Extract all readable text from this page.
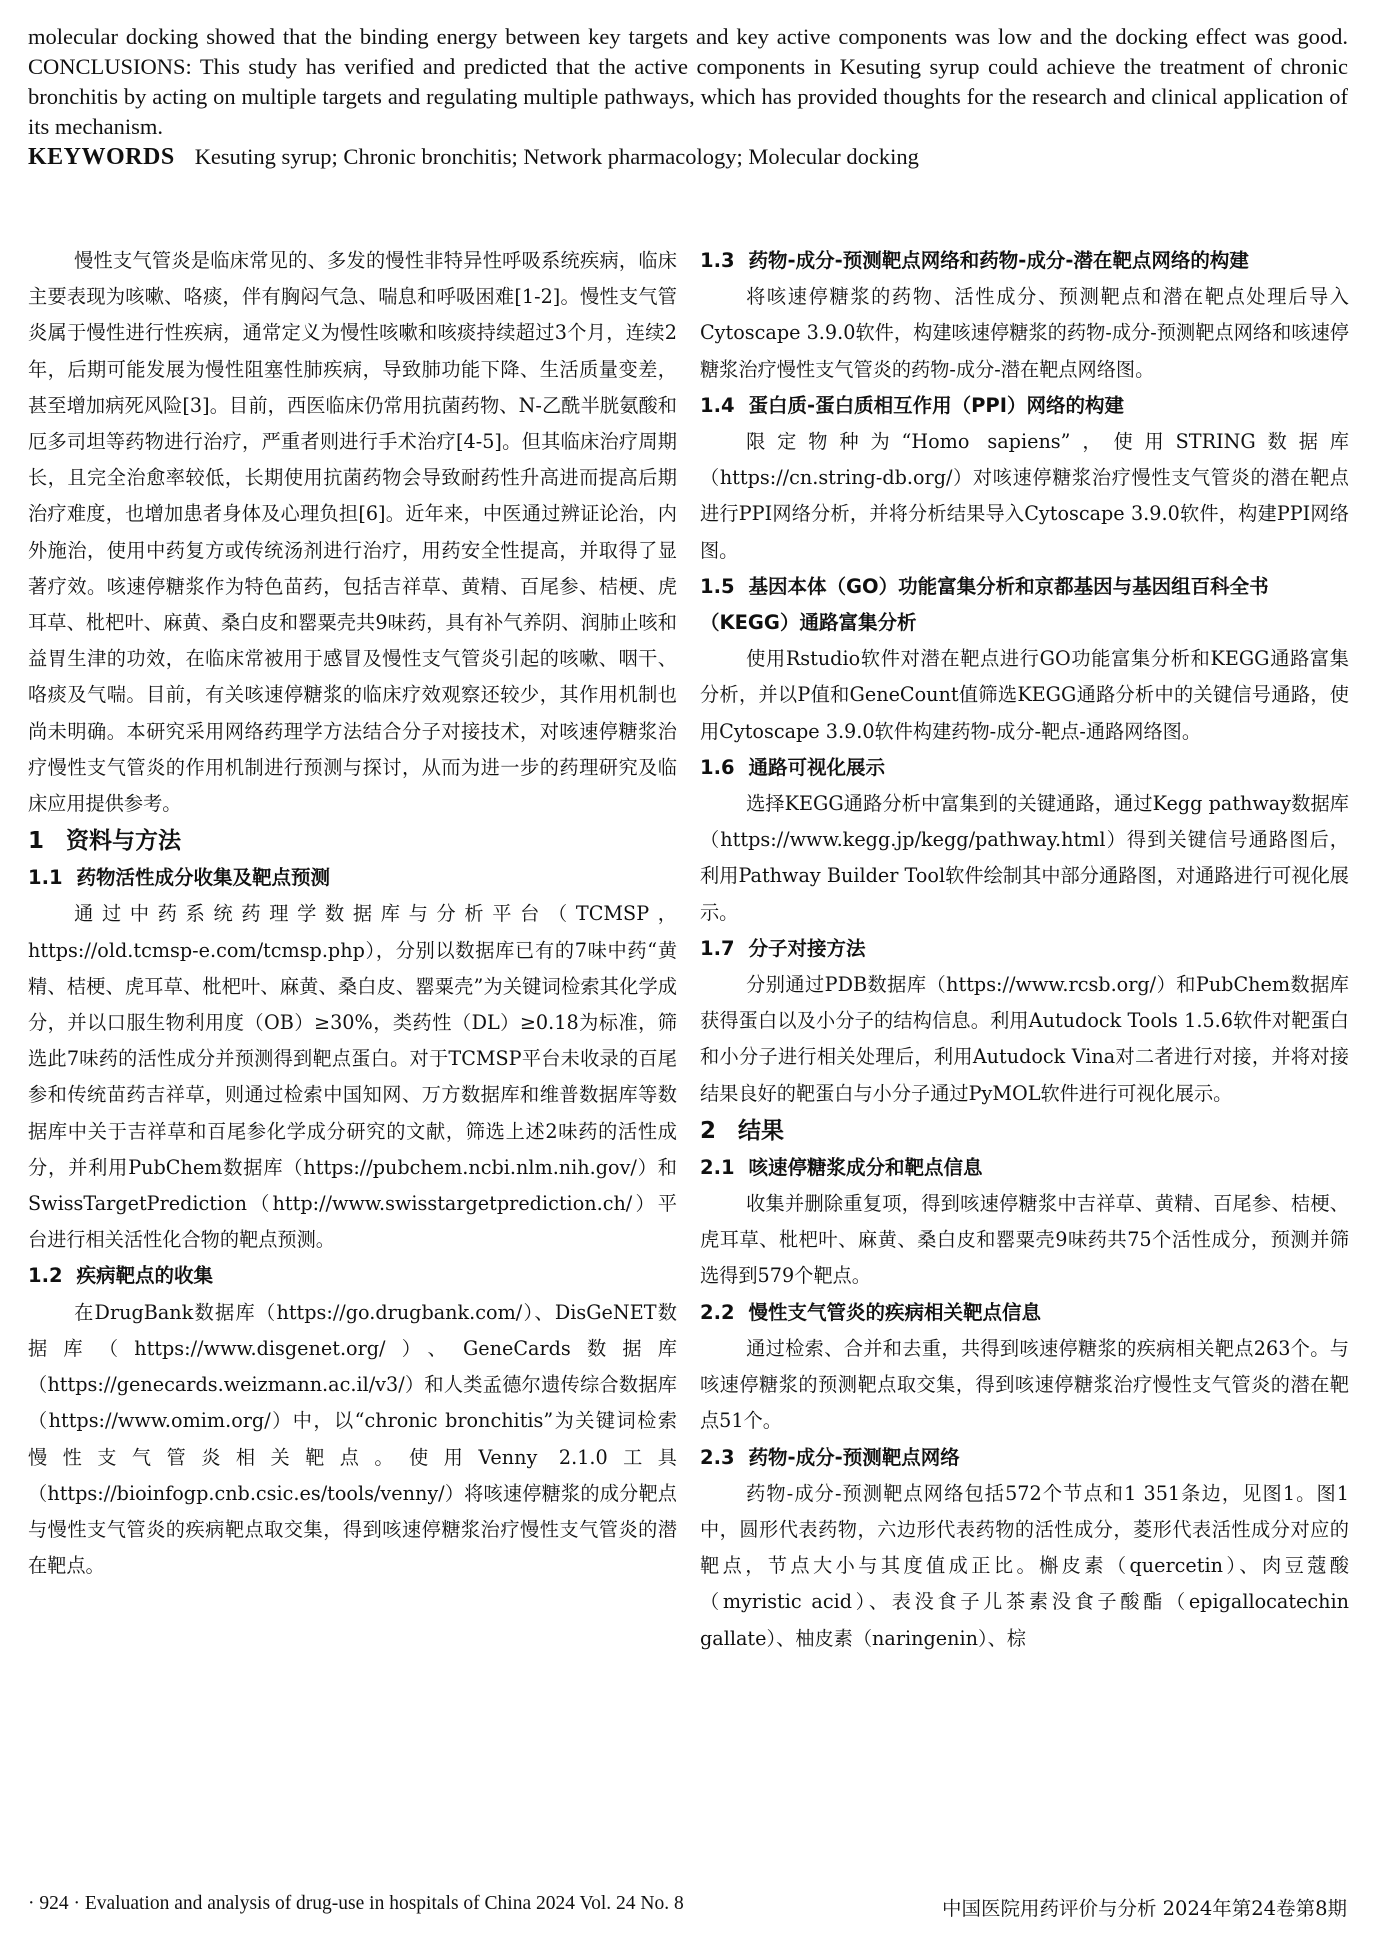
molecular docking showed that the binding energy between key targets and key active components was low and the docking effect was good. CONCLUSIONS: This study has verified and predicted that the active components in Kesuting syrup could achieve the treatment of chronic bronchitis by acting on multiple targets and regulating multiple pathways, which has provided thoughts for the research and clinical application of its mechanism.

KEYWORDS Kesuting syrup; Chronic bronchitis; Network pharmacology; Molecular docking

慢性支气管炎是临床常见的、多发的慢性非特异性呼吸系统疾病，临床主要表现为咳嗽、咯痰，伴有胸闷气急、喘息和呼吸困难[1-2]。慢性支气管炎属于慢性进行性疾病，通常定义为慢性咳嗽和咳痰持续超过3个月，连续2年，后期可能发展为慢性阻塞性肺疾病，导致肺功能下降、生活质量变差，甚至增加病死风险[3]。目前，西医临床仍常用抗菌药物、N-乙酰半胱氨酸和厄多司坦等药物进行治疗，严重者则进行手术治疗[4-5]。但其临床治疗周期长，且完全治愈率较低，长期使用抗菌药物会导致耐药性升高进而提高后期治疗难度，也增加患者身体及心理负担[6]。近年来，中医通过辨证论治，内外施治，使用中药复方或传统汤剂进行治疗，用药安全性提高，并取得了显著疗效。咳速停糖浆作为特色苗药，包括吉祥草、黄精、百尾参、桔梗、虎耳草、枇杷叶、麻黄、桑白皮和罂粟壳共9味药，具有补气养阴、润肺止咳和益胃生津的功效，在临床常被用于感冒及慢性支气管炎引起的咳嗽、咽干、咯痰及气喘。目前，有关咳速停糖浆的临床疗效观察还较少，其作用机制也尚未明确。本研究采用网络药理学方法结合分子对接技术，对咳速停糖浆治疗慢性支气管炎的作用机制进行预测与探讨，从而为进一步的药理研究及临床应用提供参考。

1 资料与方法
1.1 药物活性成分收集及靶点预测

通过中药系统药理学数据库与分析平台（TCMSP，https://old.tcmsp-e.com/tcmsp.php），分别以数据库已有的7味中药“黄精、桔梗、虎耳草、枇杷叶、麻黄、桑白皮、罂粟壳”为关键词检索其化学成分，并以口服生物利用度（OB）≥30%，类药性（DL）≥0.18为标准，筛选此7味药的活性成分并预测得到靶点蛋白。对于TCMSP平台未收录的百尾参和传统苗药吉祥草，则通过检索中国知网、万方数据库和维普数据库等数据库中关于吉祥草和百尾参化学成分研究的文献，筛选上述2味药的活性成分，并利用PubChem数据库（https://pubchem.ncbi.nlm.nih.gov/）和SwissTargetPrediction（http://www.swisstargetprediction.ch/）平台进行相关活性化合物的靶点预测。

1.2 疾病靶点的收集

在DrugBank数据库（https://go.drugbank.com/）、DisGeNET数据库（https://www.disgenet.org/）、GeneCards数据库（https://genecards.weizmann.ac.il/v3/）和人类孟德尔遗传综合数据库（https://www.omim.org/）中，以“chronic bronchitis”为关键词检索慢性支气管炎相关靶点。使用Venny 2.1.0工具（https://bioinfogp.cnb.csic.es/tools/venny/）将咳速停糖浆的成分靶点与慢性支气管炎的疾病靶点取交集，得到咳速停糖浆治疗慢性支气管炎的潜在靶点。

1.3 药物-成分-预测靶点网络和药物-成分-潜在靶点网络的构建

将咳速停糖浆的药物、活性成分、预测靶点和潜在靶点处理后导入Cytoscape 3.9.0软件，构建咳速停糖浆的药物-成分-预测靶点网络和咳速停糖浆治疗慢性支气管炎的药物-成分-潜在靶点网络图。

1.4 蛋白质-蛋白质相互作用（PPI）网络的构建

限定物种为“Homo sapiens”，使用STRING数据库（https://cn.string-db.org/）对咳速停糖浆治疗慢性支气管炎的潜在靶点进行PPI网络分析，并将分析结果导入Cytoscape 3.9.0软件，构建PPI网络图。

1.5 基因本体（GO）功能富集分析和京都基因与基因组百科全书（KEGG）通路富集分析

使用Rstudio软件对潜在靶点进行GO功能富集分析和KEGG通路富集分析，并以P值和GeneCount值筛选KEGG通路分析中的关键信号通路，使用Cytoscape 3.9.0软件构建药物-成分-靶点-通路网络图。

1.6 通路可视化展示

选择KEGG通路分析中富集到的关键通路，通过Kegg pathway数据库（https://www.kegg.jp/kegg/pathway.html）得到关键信号通路图后，利用Pathway Builder Tool软件绘制其中部分通路图，对通路进行可视化展示。

1.7 分子对接方法

分别通过PDB数据库（https://www.rcsb.org/）和PubChem数据库获得蛋白以及小分子的结构信息。利用Autudock Tools 1.5.6软件对靶蛋白和小分子进行相关处理后，利用Autudock Vina对二者进行对接，并将对接结果良好的靶蛋白与小分子通过PyMOL软件进行可视化展示。

2 结果
2.1 咳速停糖浆成分和靶点信息

收集并删除重复项，得到咳速停糖浆中吉祥草、黄精、百尾参、桔梗、虎耳草、枇杷叶、麻黄、桑白皮和罂粟壳9味药共75个活性成分，预测并筛选得到579个靶点。

2.2 慢性支气管炎的疾病相关靶点信息

通过检索、合并和去重，共得到咳速停糖浆的疾病相关靶点263个。与咳速停糖浆的预测靶点取交集，得到咳速停糖浆治疗慢性支气管炎的潜在靶点51个。

2.3 药物-成分-预测靶点网络

药物-成分-预测靶点网络包括572个节点和1 351条边，见图1。图1中，圆形代表药物，六边形代表药物的活性成分，菱形代表活性成分对应的靶点，节点大小与其度值成正比。槲皮素（quercetin）、肉豆蔻酸（myristic acid）、表没食子儿茶素没食子酸酯（epigallocatechin gallate）、柚皮素（naringenin）、棕

· 924 · Evaluation and analysis of drug-use in hospitals of China 2024 Vol. 24 No. 8	中国医院用药评价与分析 2024年第24卷第8期
